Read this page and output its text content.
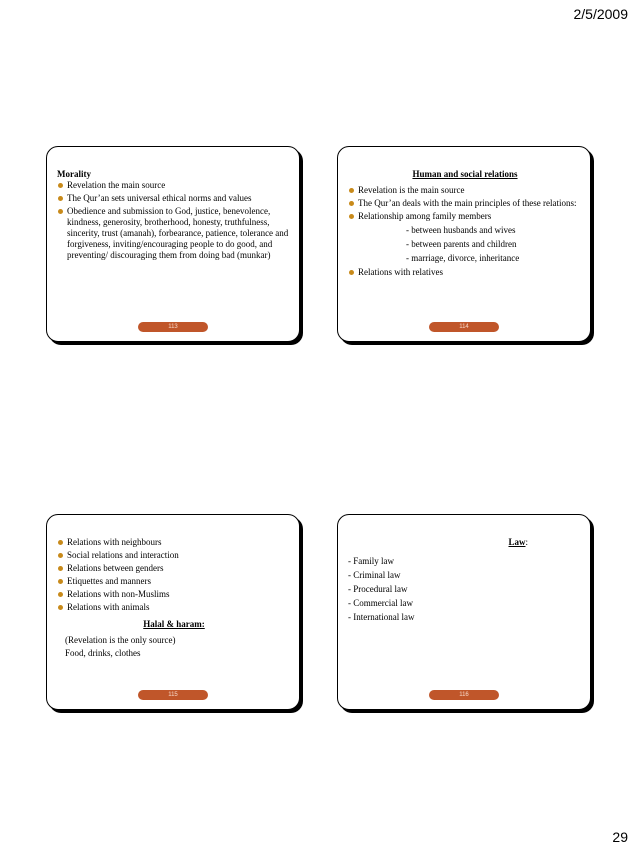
2/5/2009
Morality
Revelation the main source
The Qur’an sets universal ethical norms and values
Obedience and submission to God, justice, benevolence, kindness, generosity, brotherhood, honesty, truthfulness, sincerity, trust (amanah), forbearance, patience, tolerance and forgiveness, inviting/encouraging people to do good, and preventing/ discouraging them from doing bad (munkar)
113
Human and social relations
Revelation is the main source
The Qur’an deals with the main principles of these relations:
Relationship among family members
- between husbands and wives
- between parents and children
- marriage, divorce, inheritance
Relations with relatives
114
Relations with neighbours
Social relations and interaction
Relations between genders
Etiquettes and manners
Relations with non-Muslims
Relations with animals
Halal & haram:
(Revelation is the only source)
Food, drinks, clothes
115
Law:
- Family law
- Criminal law
- Procedural law
- Commercial law
- International law
116
29
